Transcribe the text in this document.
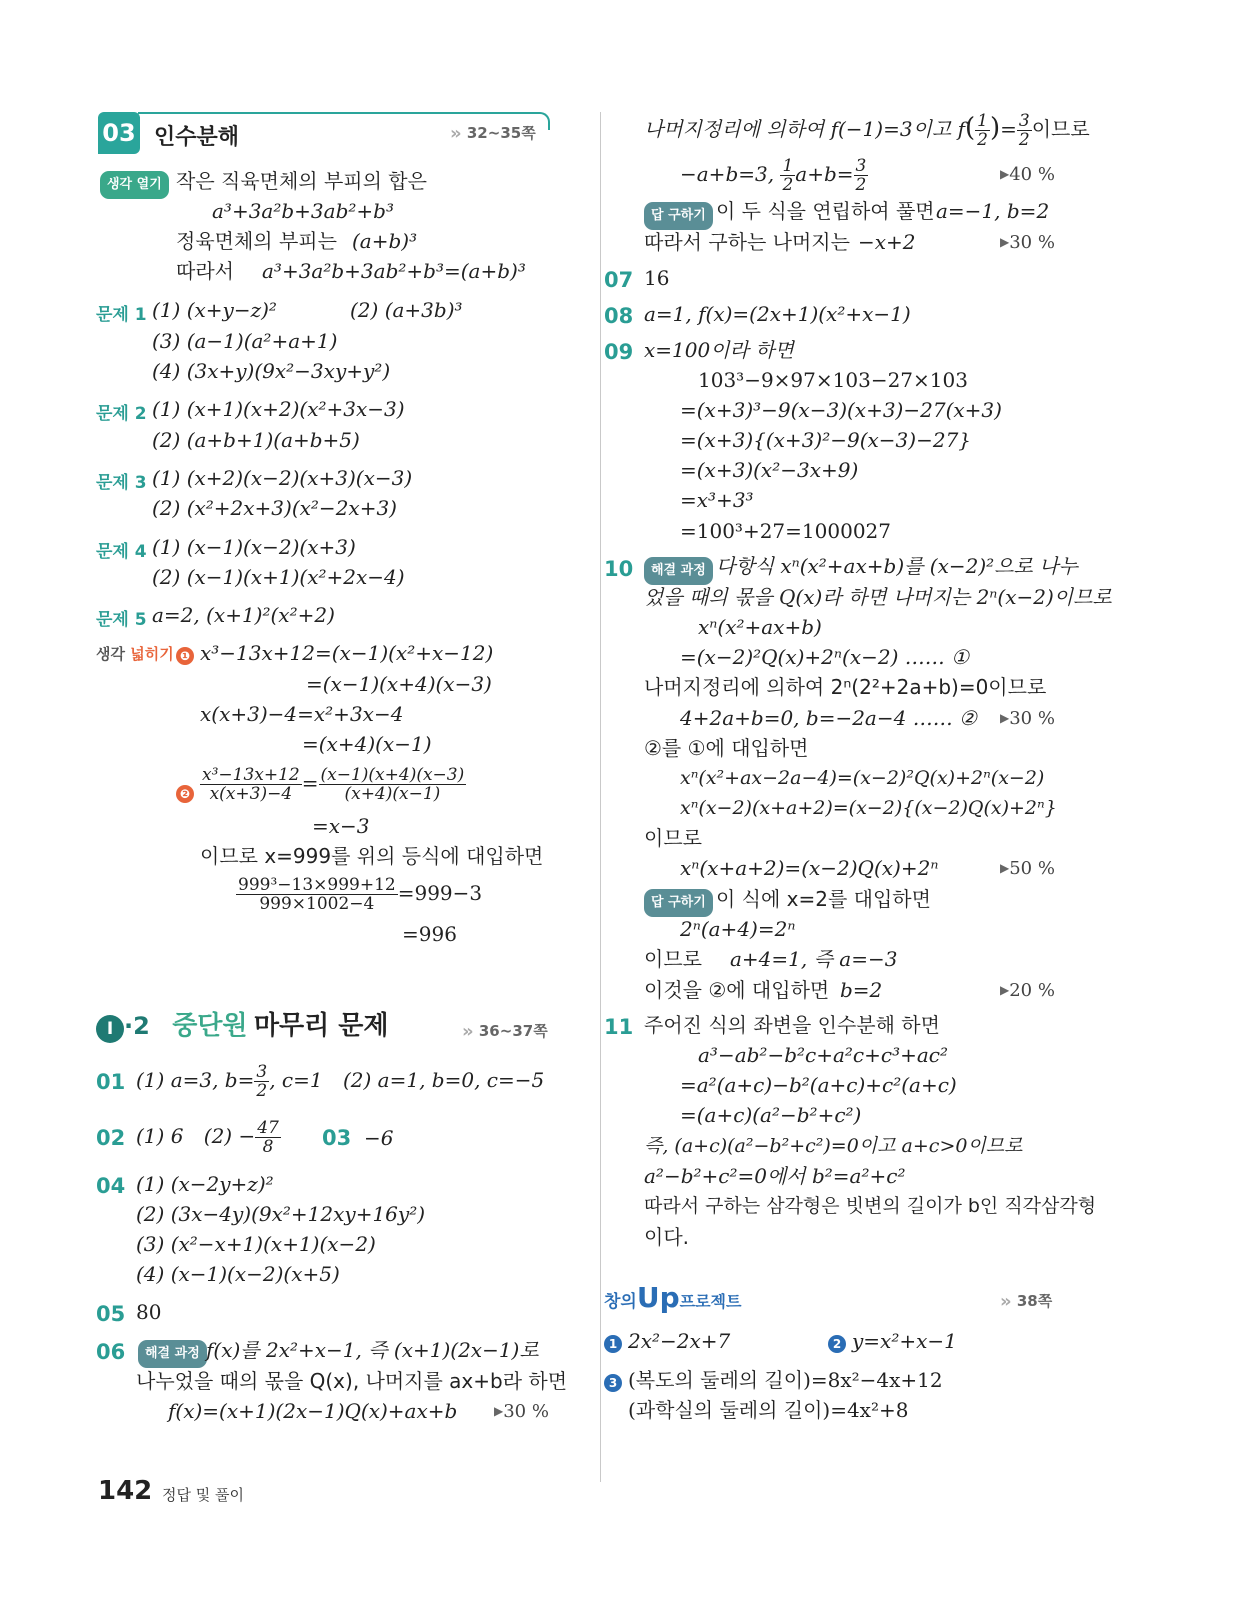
03 인수분해	» 32~35쪽
생각 열기 작은 직육면체의 부피의 합은
a³+3a²b+3ab²+b³
정육면체의 부피는 (a+b)³
따라서 a³+3a²b+3ab²+b³=(a+b)³
문제 1 (1) (x+y−z)²	(2) (a+3b)³
(3) (a−1)(a²+a+1)
(4) (3x+y)(9x²−3xy+y²)
문제 2 (1) (x+1)(x+2)(x²+3x−3)
(2) (a+b+1)(a+b+5)
문제 3 (1) (x+2)(x−2)(x+3)(x−3)
(2) (x²+2x+3)(x²−2x+3)
문제 4 (1) (x−1)(x−2)(x+3)
(2) (x−1)(x+1)(x²+2x−4)
문제 5 a=2, (x+1)²(x²+2)
생각 넓히기 ❶ x³−13x+12=(x−1)(x²+x−12)
=(x−1)(x+4)(x−3)
x(x+3)−4=x²+3x−4
=(x+4)(x−1)
❷ $\frac{\text{x³−13x+12}}{x(x+3)-4} = \frac{(x-1)(x+4)(x-3)}{(x+4)(x-1)}$
=x−3
이므로 x=999를 위의 등식에 대입하면
$\frac{\text{999³−13×999+12}}{999\times 1002-4} =999-3$
=996
I ·2 중단원 마무리 문제	» 36~37쪽
01 (1) a=3, $b= \frac{3}{2}$ , c=1 (2) a=1, b=0, c=−5
02 (1) 6 $(2) - \frac{47}{8} 03 -6$
04 (1) (x−2y+z)²
(2) (3x−4y)(9x²+12xy+16y²)
(3) (x²−x+1)(x+1)(x−2)
(4) (x−1)(x−2)(x+5)
05 80
06	해결 과정 f(x)를 2x²+x−1, 즉 (x+1)(2x−1)로
나누었을 때의 몫을 Q(x), 나머지를 ax+b라 하면
f(x)=(x+1)(2x−1)Q(x)+ax+b	▶30 %
나머지정리에 의하여 f(−1)=3이고 $f( \frac{1}{2}$ )= $\frac{3}{2}$ 이므로
−a+b=3, $\frac{1}{2} a+b= \frac{3}{2}$	▶40 %
답 구하기 이 두 식을 연립하여 풀면 a=−1, b=2
따라서 구하는 나머지는 −x+2	▶30 %
07 16
08 a=1, f(x)=(2x+1)(x²+x−1)
09 x=100이라 하면
103³−9×97×103−27×103
=(x+3)³−9(x−3)(x+3)−27(x+3)
=(x+3){(x+3)²−9(x−3)−27}
=(x+3)(x²−3x+9)
=x³+3³
=100³+27=1000027
10	해결 과정 다항식 xⁿ(x²+ax+b)를 (x−2)²으로 나누
었을 때의 몫을 Q(x)라 하면 나머지는 2ⁿ(x−2)이므로
xⁿ(x²+ax+b)
=(x−2)²Q(x)+2ⁿ(x−2) …… ①
나머지정리에 의하여 2ⁿ(2²+2a+b)=0이므로
4+2a+b=0, b=−2a−4 …… ② ▶30 %
②를 ①에 대입하면
xⁿ(x²+ax−2a−4)=(x−2)²Q(x)+2ⁿ(x−2)
xⁿ(x−2)(x+a+2)=(x−2){(x−2)Q(x)+2ⁿ}
이므로
xⁿ(x+a+2)=(x−2)Q(x)+2ⁿ	▶50 %
답 구하기 이 식에 x=2를 대입하면
2ⁿ(a+4)=2ⁿ
이므로 a+4=1, 즉 a=−3
이것을 ②에 대입하면 b=2	▶20 %
11 주어진 식의 좌변을 인수분해 하면
a³−ab²−b²c+a²c+c³+ac²
=a²(a+c)−b²(a+c)+c²(a+c)
=(a+c)(a²−b²+c²)
즉, (a+c)(a²−b²+c²)=0이고 a+c>0이므로
a²−b²+c²=0에서 b²=a²+c²
따라서 구하는 삼각형은 빗변의 길이가 b인 직각삼각형
이다.
창의Up프로젝트	» 38쪽
1 2x²−2x+7	2 y=x²+x−1
3 (복도의 둘레의 길이)=8x²−4x+12
(과학실의 둘레의 길이)=4x²+8
142 정답 및 풀이
